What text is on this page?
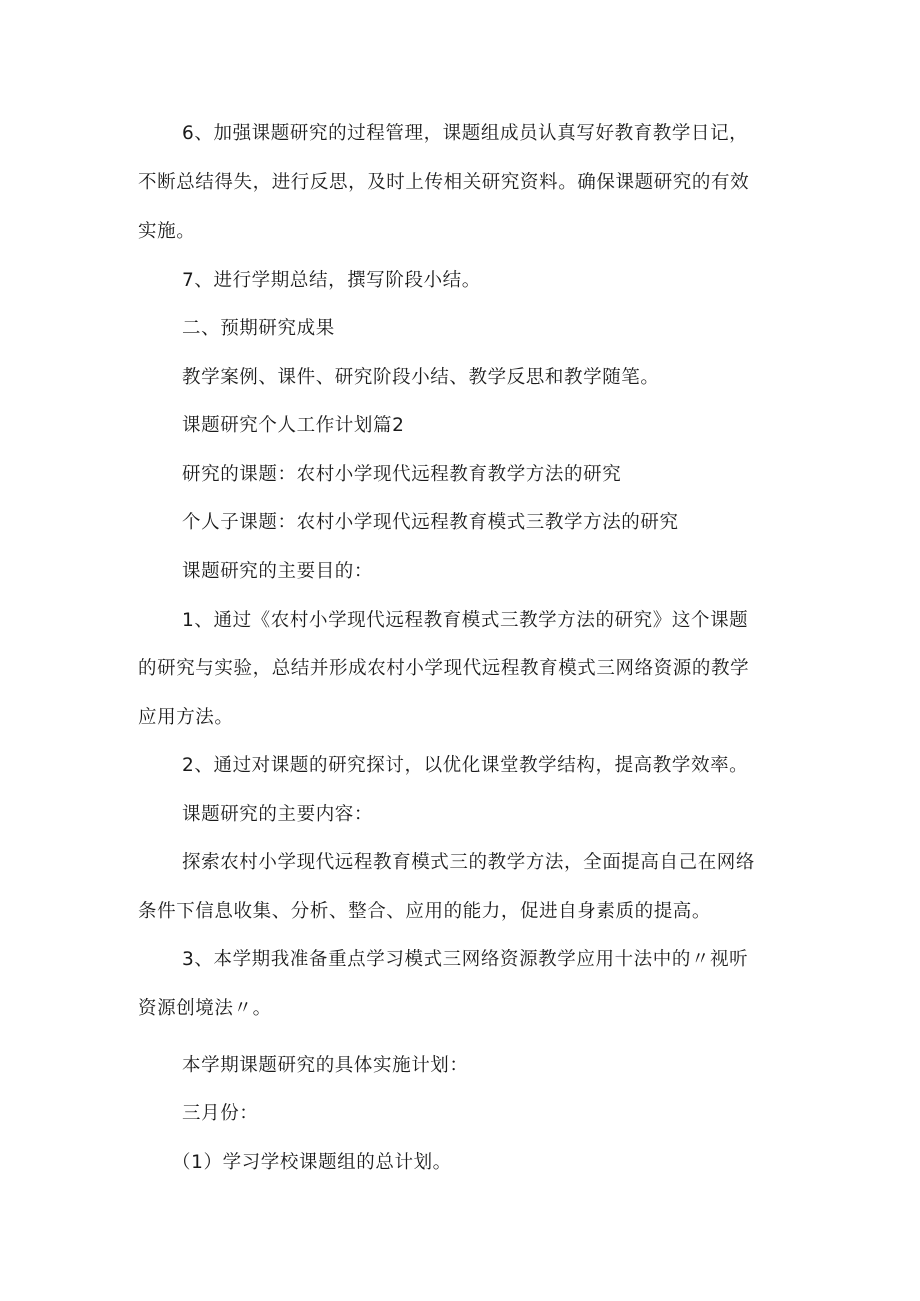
6、加强课题研究的过程管理，课题组成员认真写好教育教学日记，
不断总结得失，进行反思，及时上传相关研究资料。确保课题研究的有效
实施。
7、进行学期总结，撰写阶段小结。
二、预期研究成果
教学案例、课件、研究阶段小结、教学反思和教学随笔。
课题研究个人工作计划篇2
研究的课题：农村小学现代远程教育教学方法的研究
个人子课题：农村小学现代远程教育模式三教学方法的研究
课题研究的主要目的：
1、通过《农村小学现代远程教育模式三教学方法的研究》这个课题
的研究与实验，总结并形成农村小学现代远程教育模式三网络资源的教学
应用方法。
2、通过对课题的研究探讨，以优化课堂教学结构，提高教学效率。
课题研究的主要内容：
探索农村小学现代远程教育模式三的教学方法，全面提高自己在网络
条件下信息收集、分析、整合、应用的能力，促进自身素质的提高。
3、本学期我准备重点学习模式三网络资源教学应用十法中的〃视听
资源创境法〃。
本学期课题研究的具体实施计划：
三月份：
（1）学习学校课题组的总计划。
